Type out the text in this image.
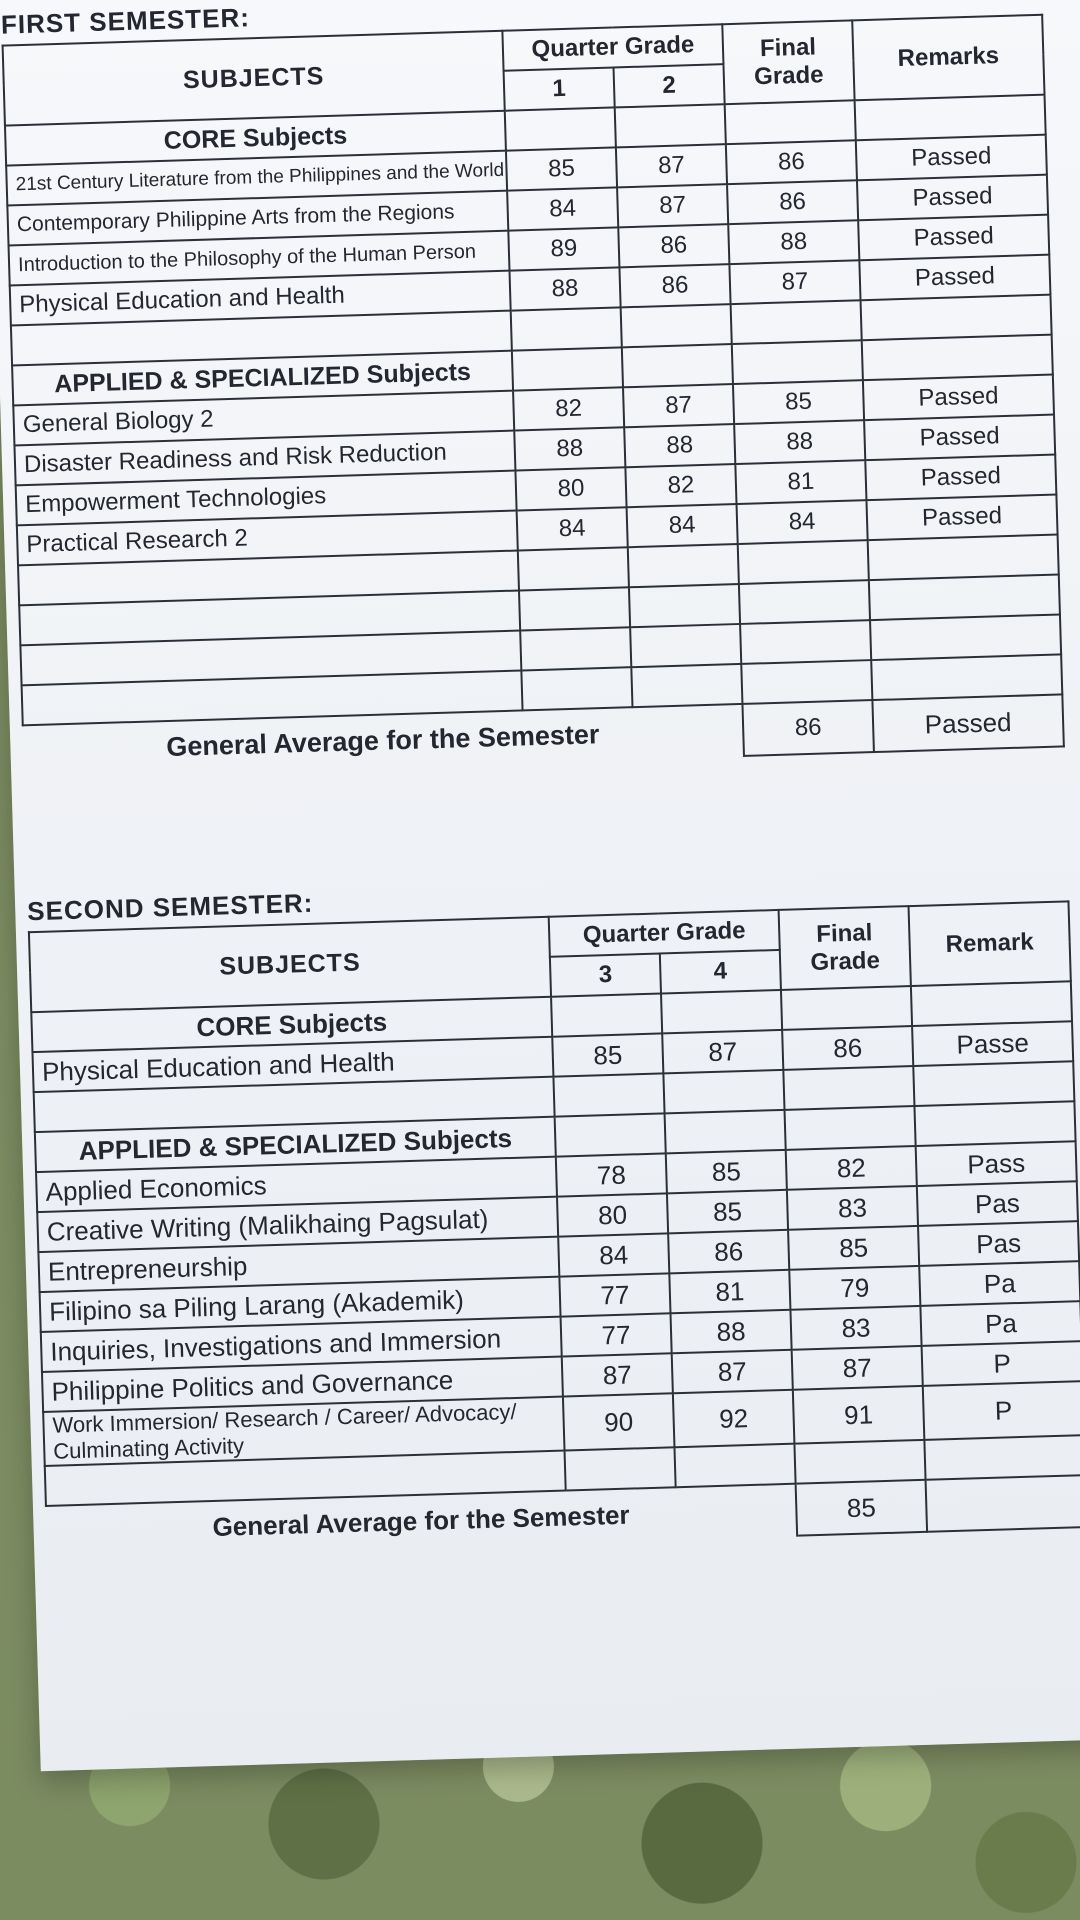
FIRST SEMESTER:
SUBJECTS	Quarter Grade		Final Grade	Remarks
	1	2		
CORE Subjects				
21st Century Literature from the Philippines and the World	85	87	86	Passed
Contemporary Philippine Arts from the Regions	84	87	86	Passed
Introduction to the Philosophy of the Human Person	89	86	88	Passed
Physical Education and Health	88	86	87	Passed

APPLIED & SPECIALIZED Subjects				
General Biology 2	82	87	85	Passed
Disaster Readiness and Risk Reduction	88	88	88	Passed
Empowerment Technologies	80	82	81	Passed
Practical Research 2	84	84	84	Passed

General Average for the Semester			86	Passed
SECOND SEMESTER:
SUBJECTS	Quarter Grade		Final Grade	Remark
	3	4		
CORE Subjects				
Physical Education and Health	85	87	86	Passe

APPLIED & SPECIALIZED Subjects				
Applied Economics	78	85	82	Pass
Creative Writing (Malikhaing Pagsulat)	80	85	83	Pas
Entrepreneurship	84	86	85	Pas
Filipino sa Piling Larang (Akademik)	77	81	79	Pa
Inquiries, Investigations and Immersion	77	88	83	Pa
Philippine Politics and Governance	87	87	87	P
Work Immersion/ Research / Career/ Advocacy/ Culminating Activity	90	92	91	P

General Average for the Semester			85	
